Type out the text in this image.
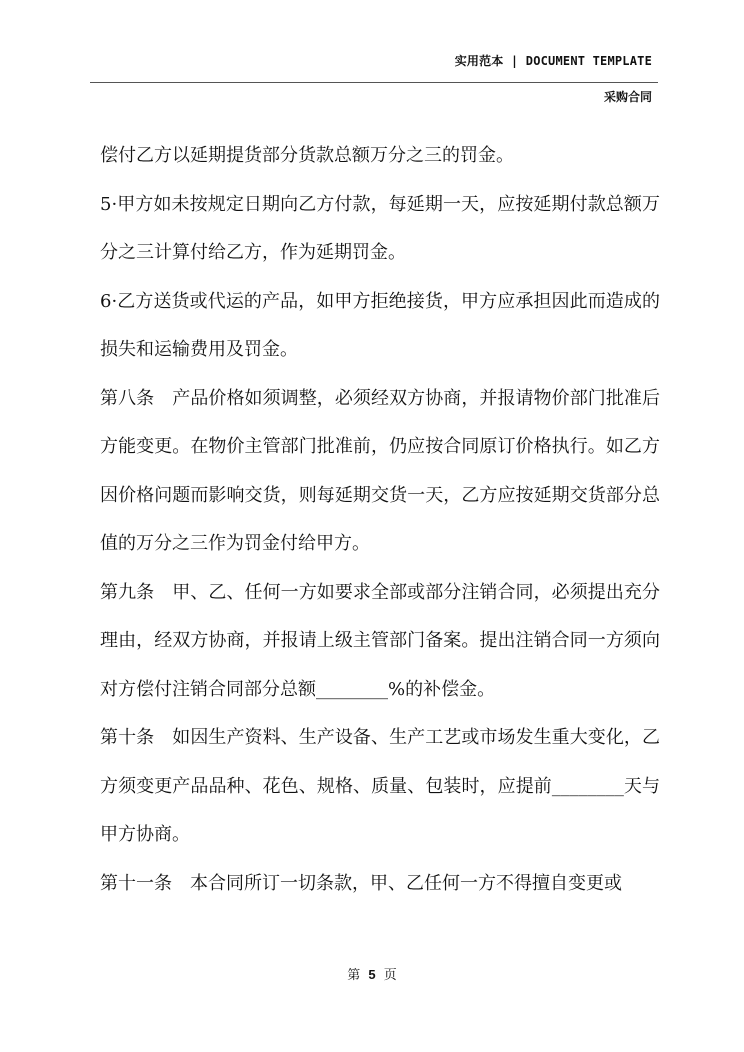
实用范本 | DOCUMENT TEMPLATE
采购合同

偿付乙方以延期提货部分货款总额万分之三的罚金。

5·甲方如未按规定日期向乙方付款，每延期一天，应按延期付款总额万分之三计算付给乙方，作为延期罚金。

6·乙方送货或代运的产品，如甲方拒绝接货，甲方应承担因此而造成的损失和运输费用及罚金。

第八条　产品价格如须调整，必须经双方协商，并报请物价部门批准后方能变更。在物价主管部门批准前，仍应按合同原订价格执行。如乙方因价格问题而影响交货，则每延期交货一天，乙方应按延期交货部分总值的万分之三作为罚金付给甲方。

第九条　甲、乙、任何一方如要求全部或部分注销合同，必须提出充分理由，经双方协商，并报请上级主管部门备案。提出注销合同一方须向对方偿付注销合同部分总额________%的补偿金。

第十条　如因生产资料、生产设备、生产工艺或市场发生重大变化，乙方须变更产品品种、花色、规格、质量、包装时，应提前________天与甲方协商。

第十一条　本合同所订一切条款，甲、乙任何一方不得擅自变更或

第 5 页
